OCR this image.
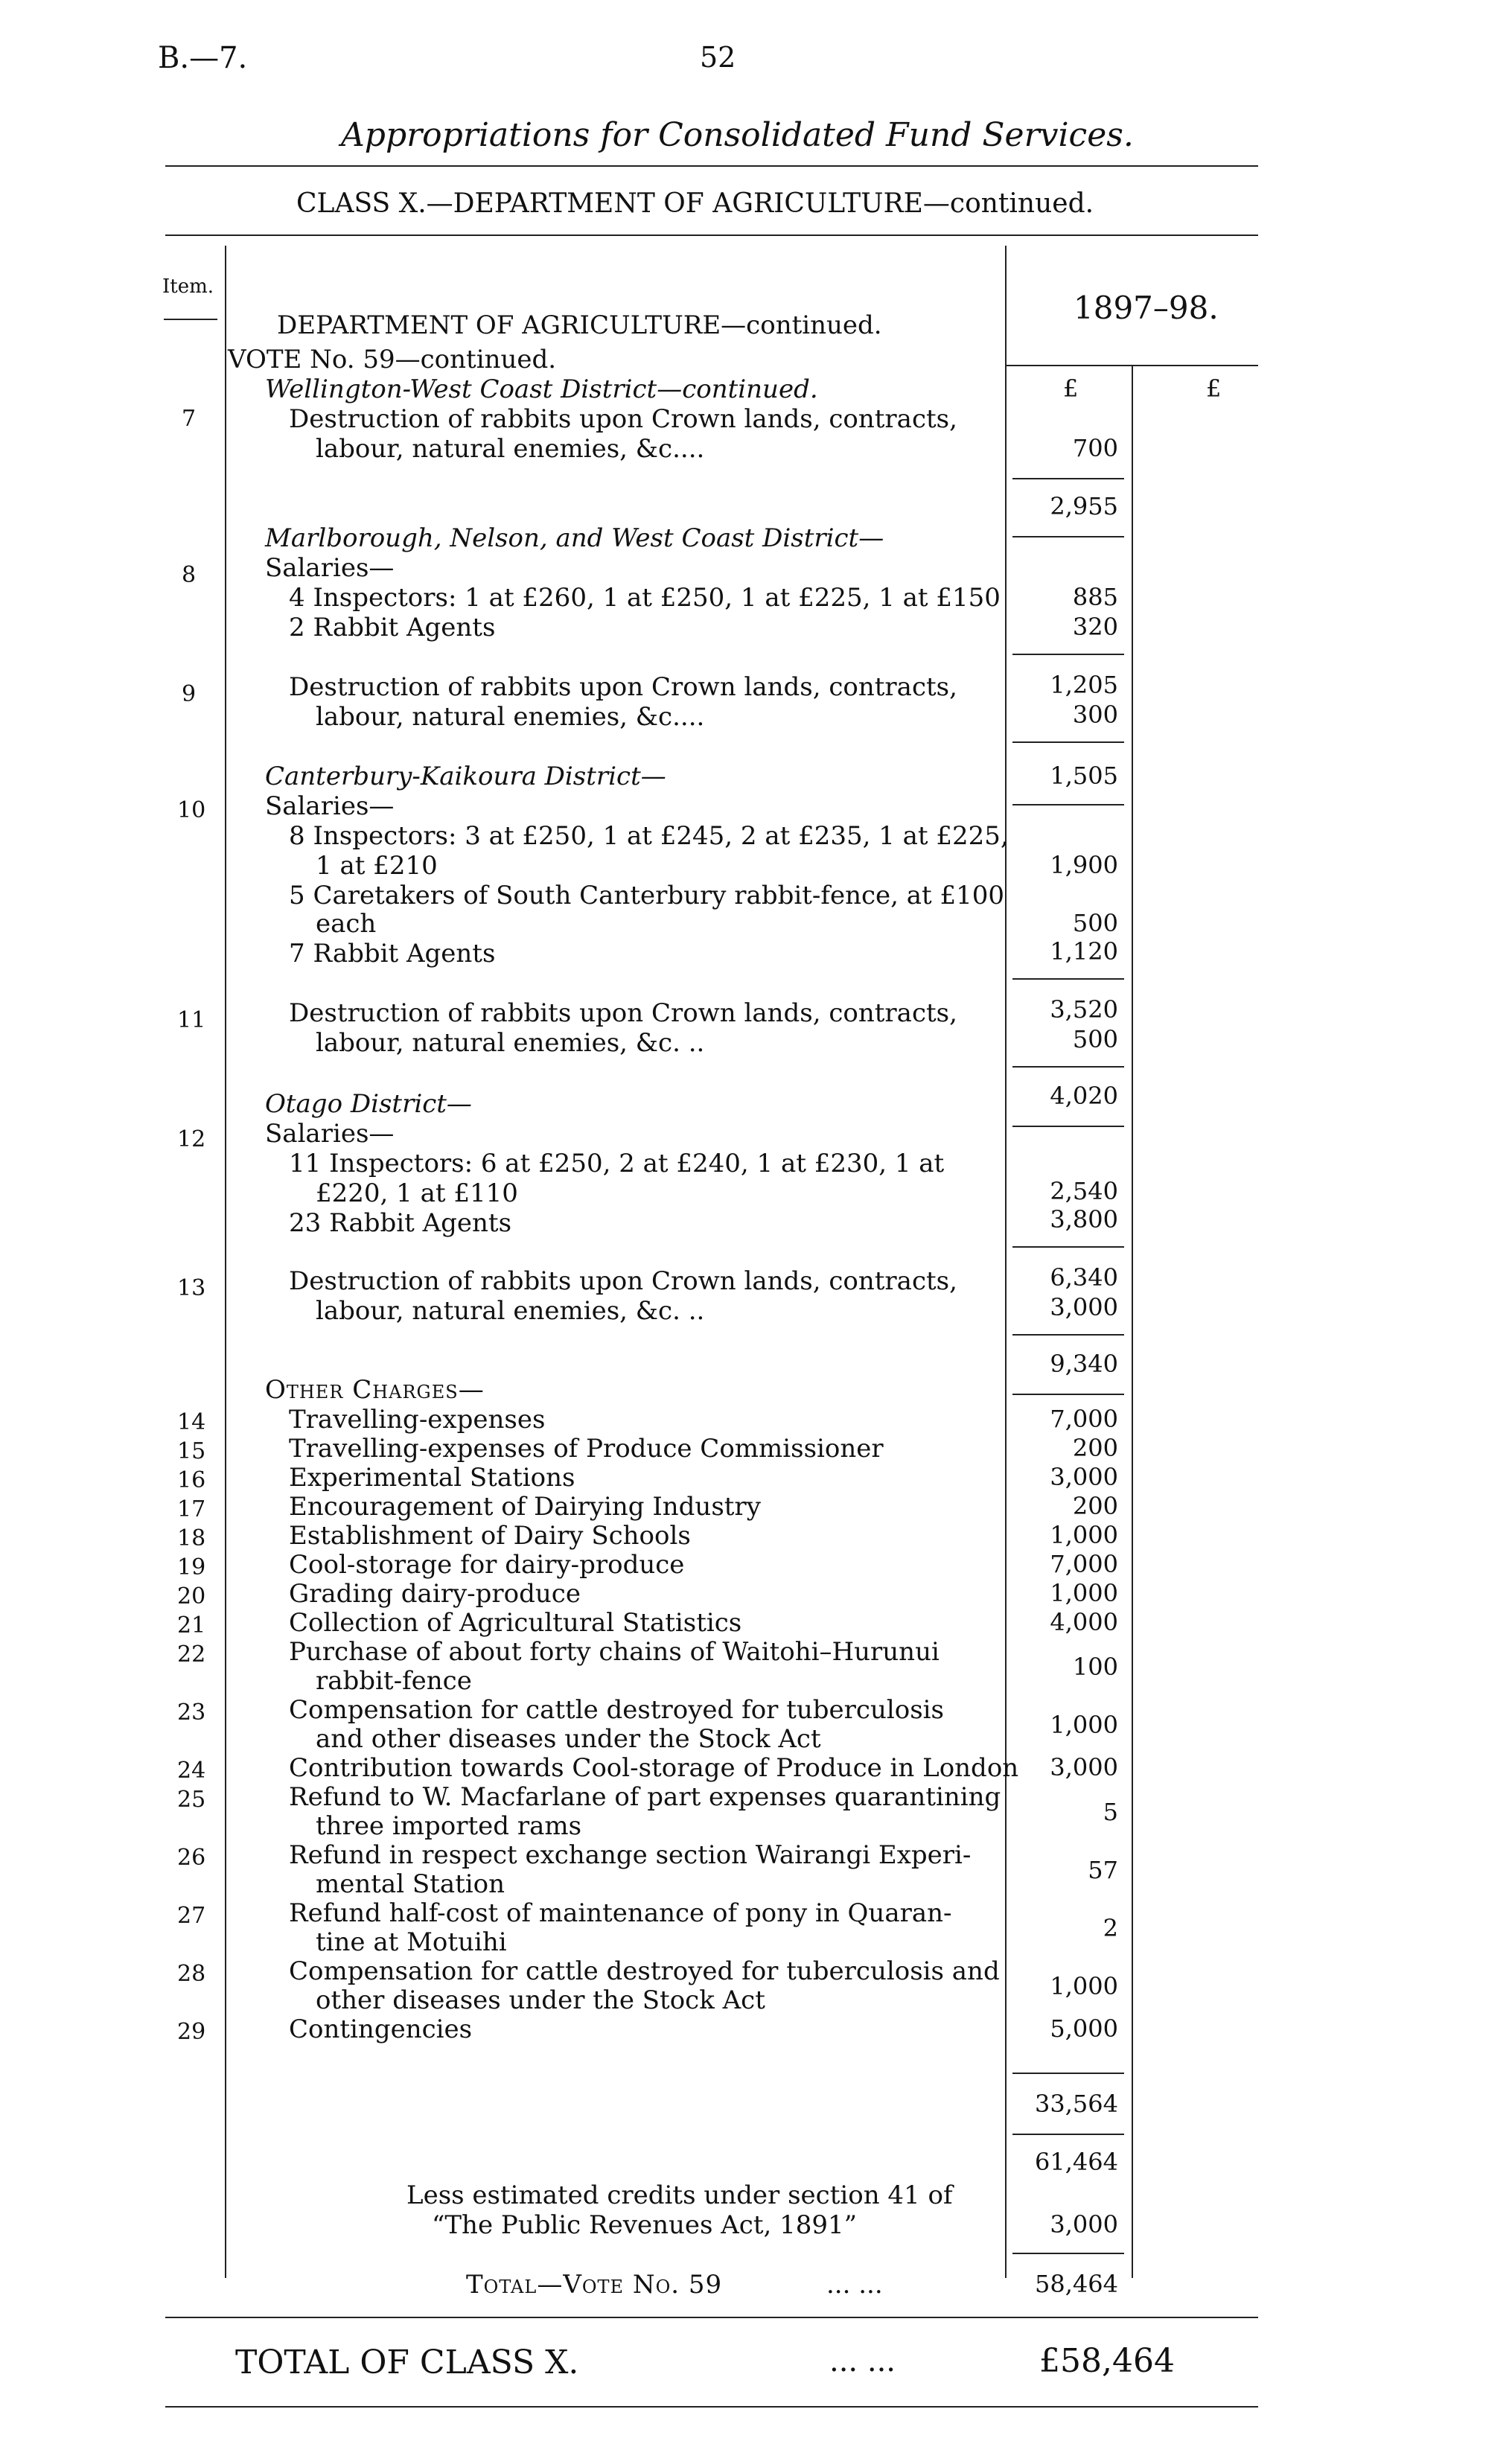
B.—7.	52
Appropriations for Consolidated Fund Services.
CLASS X.—DEPARTMENT OF AGRICULTURE—continued.
Item.
1897–98.
DEPARTMENT OF AGRICULTURE—continued.
VOTE No. 59—continued.
£	£
Wellington-West Coast District—continued.
7	Destruction of rabbits upon Crown lands, contracts,
labour, natural enemies, &c....	700
2,955
Marlborough, Nelson, and West Coast District—
8	Salaries—
4 Inspectors: 1 at £260, 1 at £250, 1 at £225, 1 at £150	885
2 Rabbit Agents	320
1,205
9	Destruction of rabbits upon Crown lands, contracts,
labour, natural enemies, &c....	300
1,505
Canterbury-Kaikoura District—
10 Salaries—
8 Inspectors: 3 at £250, 1 at £245, 2 at £235, 1 at £225,
1 at £210	1,900
5 Caretakers of South Canterbury rabbit-fence, at £100
each	500
7 Rabbit Agents	1,120
3,520
11	Destruction of rabbits upon Crown lands, contracts,
labour, natural enemies, &c. ..	500
4,020
Otago District—
12 Salaries—
11 Inspectors: 6 at £250, 2 at £240, 1 at £230, 1 at
£220, 1 at £110	2,540
23 Rabbit Agents	3,800
6,340
13	Destruction of rabbits upon Crown lands, contracts,
labour, natural enemies, &c. ..	3,000
9,340
Other Charges—
14	Travelling-expenses	7,000
15	Travelling-expenses of Produce Commissioner	200
16	Experimental Stations	3,000
17	Encouragement of Dairying Industry	200
18	Establishment of Dairy Schools	1,000
19	Cool-storage for dairy-produce	7,000
20	Grading dairy-produce	1,000
21	Collection of Agricultural Statistics	4,000
22	Purchase of about forty chains of Waitohi–Hurunui
rabbit-fence	100
23	Compensation for cattle destroyed for tuberculosis
and other diseases under the Stock Act	1,000
24	Contribution towards Cool-storage of Produce in London	3,000
25	Refund to W. Macfarlane of part expenses quarantining
three imported rams	5
26	Refund in respect exchange section Wairangi Experi-
mental Station	57
27	Refund half-cost of maintenance of pony in Quaran-
tine at Motuihi	2
28	Compensation for cattle destroyed for tuberculosis and
other diseases under the Stock Act	1,000
29	Contingencies	5,000
33,564
61,464
Less estimated credits under section 41 of
“The Public Revenues Act, 1891”	3,000
Total—Vote No. 59	... ...	58,464
TOTAL OF CLASS X.	... ...	£58,464
